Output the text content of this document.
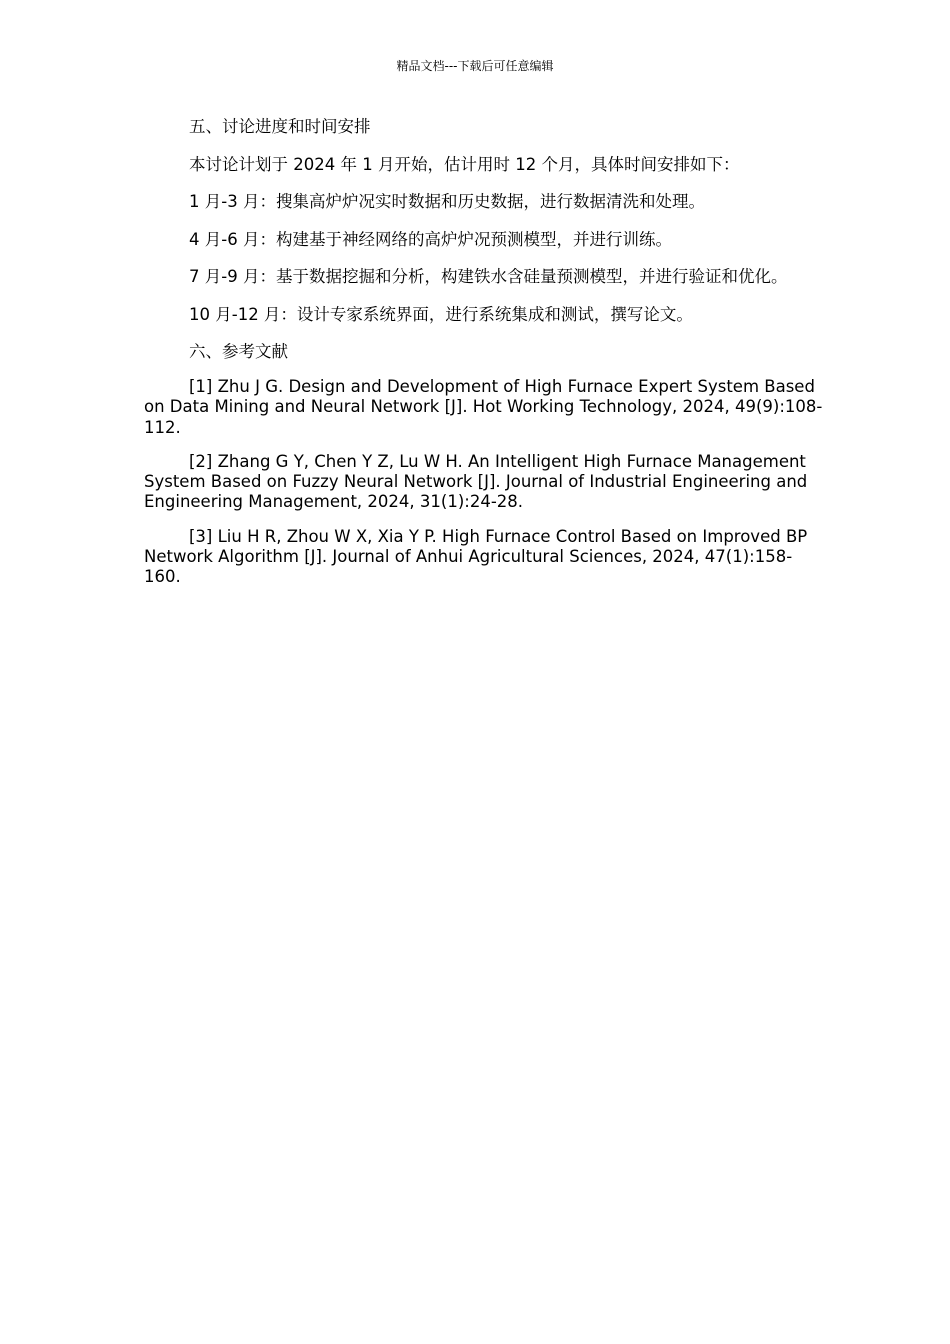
精品文档---下载后可任意编辑

五、讨论进度和时间安排

本讨论计划于 2024 年 1 月开始，估计用时 12 个月，具体时间安排如下：

1 月-3 月：搜集高炉炉况实时数据和历史数据，进行数据清洗和处理。

4 月-6 月：构建基于神经网络的高炉炉况预测模型，并进行训练。

7 月-9 月：基于数据挖掘和分析，构建铁水含硅量预测模型，并进行验证和优化。

10 月-12 月：设计专家系统界面，进行系统集成和测试，撰写论文。

六、参考文献

[1] Zhu J G. Design and Development of High Furnace Expert System Based on Data Mining and Neural Network [J]. Hot Working Technology, 2024, 49(9):108-112.

[2] Zhang G Y, Chen Y Z, Lu W H. An Intelligent High Furnace Management System Based on Fuzzy Neural Network [J]. Journal of Industrial Engineering and Engineering Management, 2024, 31(1):24-28.

[3] Liu H R, Zhou W X, Xia Y P. High Furnace Control Based on Improved BP Network Algorithm [J]. Journal of Anhui Agricultural Sciences, 2024, 47(1):158-160.
